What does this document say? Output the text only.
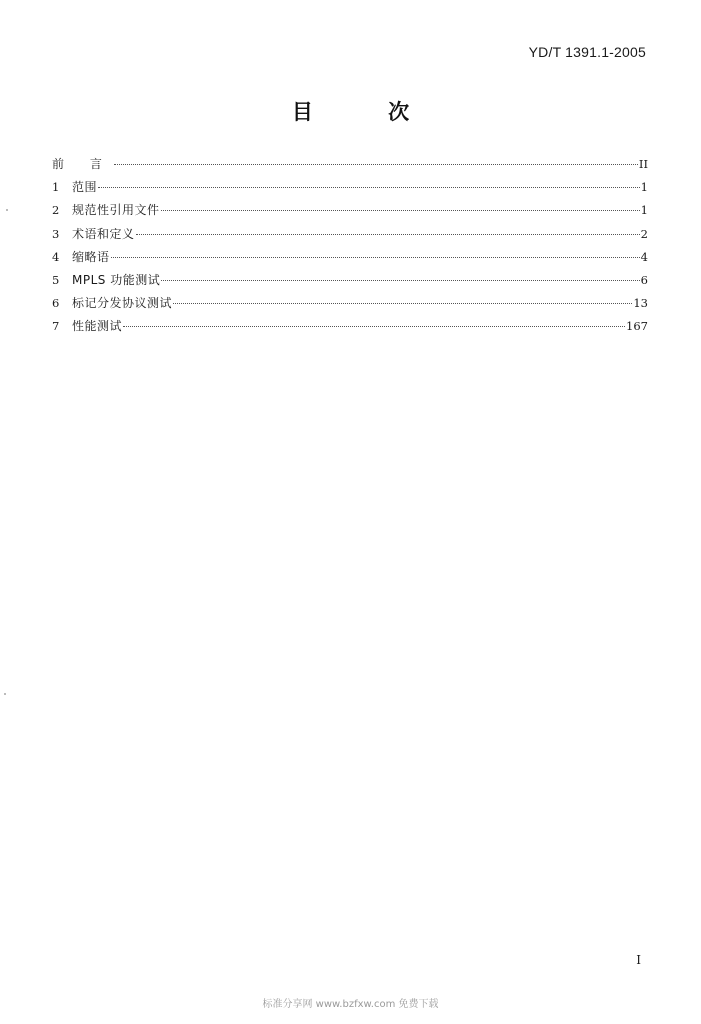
YD/T 1391.1-2005
目 次
前 言	II
1	范围	1
2	规范性引用文件	1
3	术语和定义	2
4	缩略语	4
5	MPLS 功能测试	6
6	标记分发协议测试	13
7	性能测试	167
I
标准分享网 www.bzfxw.com 免费下载
